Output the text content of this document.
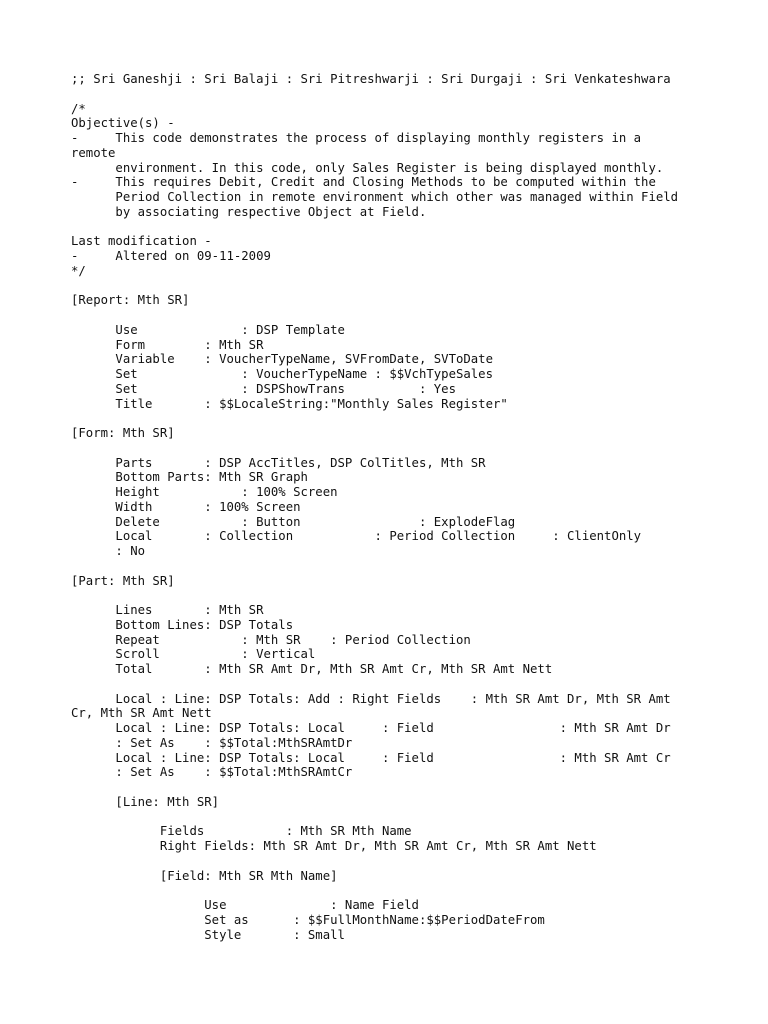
;; Sri Ganeshji : Sri Balaji : Sri Pitreshwarji : Sri Durgaji : Sri Venkateshwara
/*
Objective(s) -
-     This code demonstrates the process of displaying monthly registers in a
remote
environment. In this code, only Sales Register is being displayed monthly.
-     This requires Debit, Credit and Closing Methods to be computed within the
Period Collection in remote environment which other was managed within Field
by associating respective Object at Field.
Last modification -
-     Altered on 09-11-2009
*/
[Report: Mth SR]
Use              : DSP Template
Form        : Mth SR
Variable    : VoucherTypeName, SVFromDate, SVToDate
Set              : VoucherTypeName : $$VchTypeSales
Set              : DSPShowTrans          : Yes
Title       : $$LocaleString:"Monthly Sales Register"
[Form: Mth SR]
Parts       : DSP AccTitles, DSP ColTitles, Mth SR
Bottom Parts: Mth SR Graph
Height           : 100% Screen
Width       : 100% Screen
Delete           : Button                : ExplodeFlag
Local       : Collection           : Period Collection     : ClientOnly
: No
[Part: Mth SR]
Lines       : Mth SR
Bottom Lines: DSP Totals
Repeat           : Mth SR    : Period Collection
Scroll           : Vertical
Total       : Mth SR Amt Dr, Mth SR Amt Cr, Mth SR Amt Nett
Local : Line: DSP Totals: Add : Right Fields    : Mth SR Amt Dr, Mth SR Amt
Cr, Mth SR Amt Nett
Local : Line: DSP Totals: Local     : Field                 : Mth SR Amt Dr
: Set As    : $$Total:MthSRAmtDr
Local : Line: DSP Totals: Local     : Field                 : Mth SR Amt Cr
: Set As    : $$Total:MthSRAmtCr
[Line: Mth SR]
Fields           : Mth SR Mth Name
Right Fields: Mth SR Amt Dr, Mth SR Amt Cr, Mth SR Amt Nett
[Field: Mth SR Mth Name]
Use              : Name Field
Set as      : $$FullMonthName:$$PeriodDateFrom
Style       : Small
